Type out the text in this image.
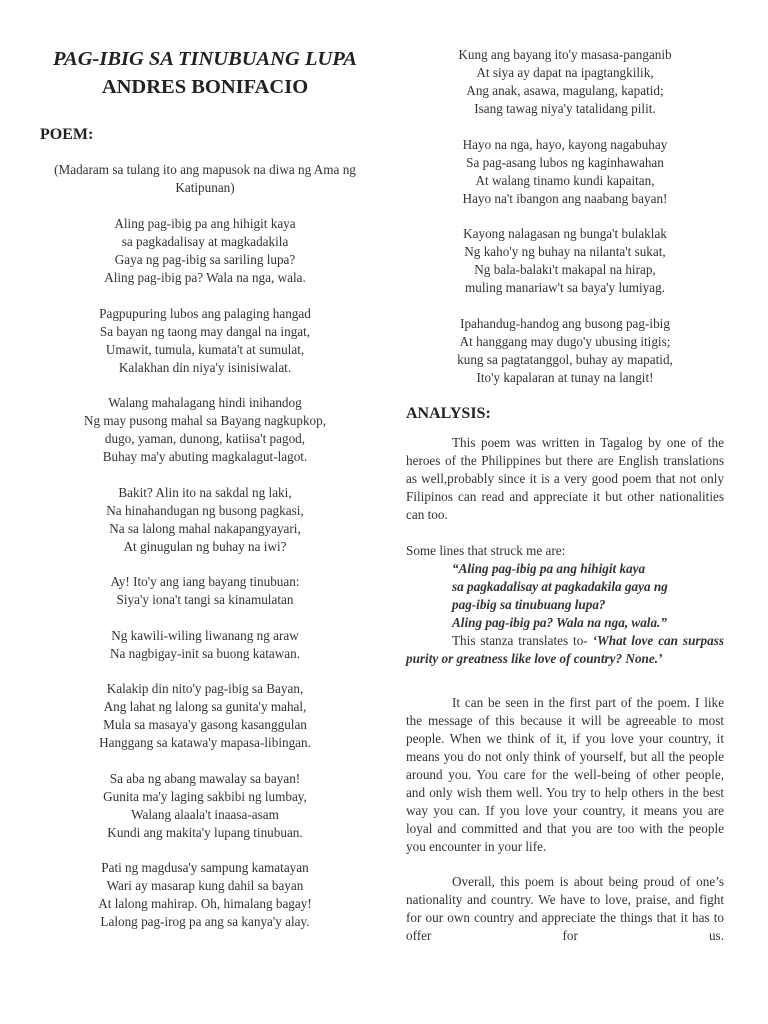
PAG-IBIG SA TINUBUANG LUPA
ANDRES BONIFACIO
POEM:
(Madaram sa tulang ito ang mapusok na diwa ng Ama ng Katipunan)
Aling pag-ibig pa ang hihigit kaya
sa pagkadalisay at magkadakila
Gaya ng pag-ibig sa sariling lupa?
Aling pag-ibig pa? Wala na nga, wala.
Pagpupuring lubos ang palaging hangad
Sa bayan ng taong may dangal na ingat,
Umawit, tumula, kumata't at sumulat,
Kalakhan din niya'y isinisiwalat.
Walang mahalagang hindi inihandog
Ng may pusong mahal sa Bayang nagkupkop,
dugo, yaman, dunong, katiisa't pagod,
Buhay ma'y abuting magkalagut-lagot.
Bakit? Alin ito na sakdal ng laki,
Na hinahandugan ng busong pagkasi,
Na sa lalong mahal nakapangyayari,
At ginugulan ng buhay na iwi?
Ay! Ito'y ang iang bayang tinubuan:
Siya'y iona't tangi sa kinamulatan
Ng kawili-wiling liwanang ng araw
Na nagbigay-init sa buong katawan.
Kalakip din nito'y pag-ibig sa Bayan,
Ang lahat ng lalong sa gunita'y mahal,
Mula sa masaya'y gasong kasanggulan
Hanggang sa katawa'y mapasa-libingan.
Sa aba ng abang mawalay sa bayan!
Gunita ma'y laging sakbibi ng lumbay,
Walang alaala't inaasa-asam
Kundi ang makita'y lupang tinubuan.
Pati ng magdusa'y sampung kamatayan
Wari ay masarap kung dahil sa bayan
At lalong mahirap. Oh, himalang bagay!
Lalong pag-irog pa ang sa kanya'y alay.
Kung ang bayang ito'y masasa-panganib
At siya ay dapat na ipagtangkilik,
Ang anak, asawa, magulang, kapatid;
Isang tawag niya'y tatalidang pilit.
Hayo na nga, hayo, kayong nagabuhay
Sa pag-asang lubos ng kaginhawahan
At walang tinamo kundi kapaitan,
Hayo na't ibangon ang naabang bayan!
Kayong nalagasan ng bunga't bulaklak
Ng kaho'y ng buhay na nilanta't sukat,
Ng bala-balakı't makapal na hirap,
muling manariaw't sa baya'y lumiyag.
Ipahandug-handog ang busong pag-ibig
At hanggang may dugo'y ubusing itigis;
kung sa pagtatanggol, buhay ay mapatid,
Ito'y kapalaran at tunay na langit!
ANALYSIS:
This poem was written in Tagalog by one of the heroes of the Philippines but there are English translations as well,probably since it is a very good poem that not only Filipinos can read and appreciate it but other nationalities can too.
Some lines that struck me are:
“Aling pag-ibig pa ang hihigit kaya
sa pagkadalisay at pagkadakila gaya ng
pag-ibig sa tinubuang lupa?
Aling pag-ibig pa? Wala na nga, wala.”
This stanza translates to- ‘What love can surpass purity or greatness like love of country? None.’
It can be seen in the first part of the poem. I like the message of this because it will be agreeable to most people. When we think of it, if you love your country, it means you do not only think of yourself, but all the people around you. You care for the well-being of other people, and only wish them well. You try to help others in the best way you can. If you love your country, it means you are loyal and committed and that you are too with the people you encounter in your life.
Overall, this poem is about being proud of one’s nationality and country. We have to love, praise, and fight for our own country and appreciate the things that it has to offer for us.
